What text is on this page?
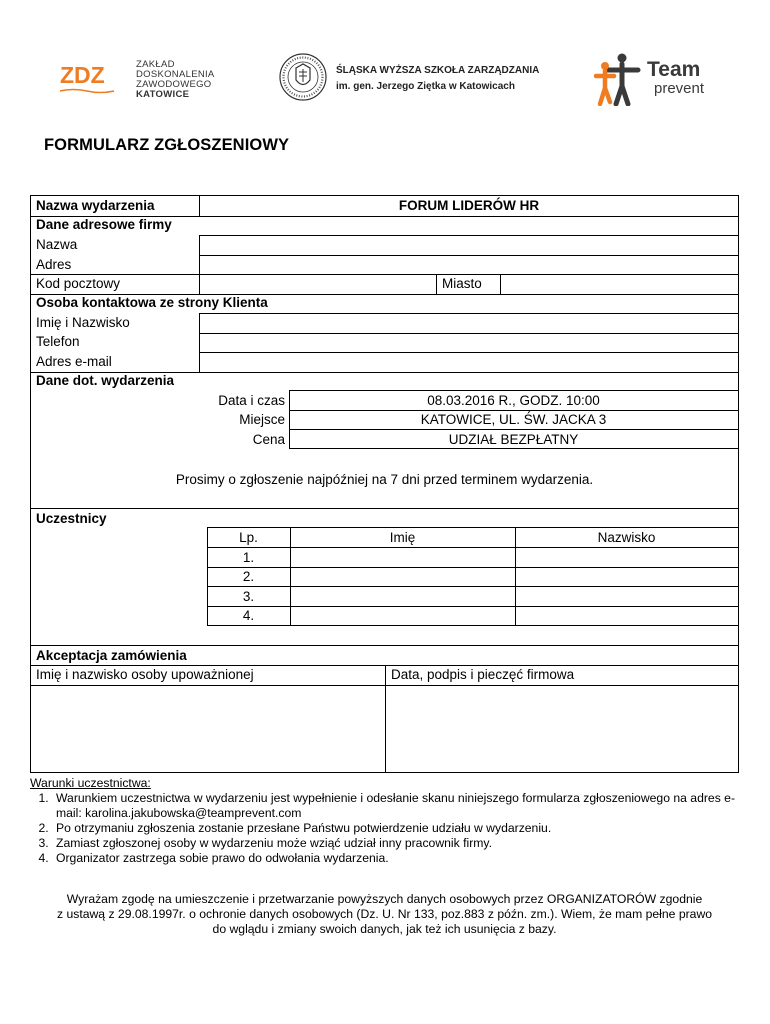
ZDZ	ZAKŁAD
DOSKONALENIA
ZAWODOWEGO
KATOWICE
ŚLĄSKA WYŻSZA SZKOŁA ZARZĄDZANIA
im. gen. Jerzego Ziętka w Katowicach
Team
prevent
FORMULARZ ZGŁOSZENIOWY
Nazwa wydarzenia	FORUM LIDERÓW HR
Dane adresowe firmy
Nazwa
Adres
Kod pocztowy	Miasto
Osoba kontaktowa ze strony Klienta
Imię i Nazwisko
Telefon
Adres e-mail
Dane dot. wydarzenia
Data i czas	08.03.2016 R., GODZ. 10:00
Miejsce	KATOWICE, UL. ŚW. JACKA 3
Cena	UDZIAŁ BEZPŁATNY
Prosimy o zgłoszenie najpóźniej na 7 dni przed terminem wydarzenia.
Uczestnicy
Lp.	Imię	Nazwisko
1.
2.
3.
4.
Akceptacja zamówienia
Imię i nazwisko osoby upoważnionej	Data, podpis i pieczęć firmowa
Warunki uczestnictwa:
1. Warunkiem uczestnictwa w wydarzeniu jest wypełnienie i odesłanie skanu niniejszego formularza zgłoszeniowego na adres e-mail: karolina.jakubowska@teamprevent.com
2. Po otrzymaniu zgłoszenia zostanie przesłane Państwu potwierdzenie udziału w wydarzeniu.
3. Zamiast zgłoszonej osoby w wydarzeniu może wziąć udział inny pracownik firmy.
4. Organizator zastrzega sobie prawo do odwołania wydarzenia.
Wyrażam zgodę na umieszczenie i przetwarzanie powyższych danych osobowych przez ORGANIZATORÓW zgodnie
z ustawą z 29.08.1997r. o ochronie danych osobowych (Dz. U. Nr 133, poz.883 z późn. zm.). Wiem, że mam pełne prawo
do wglądu i zmiany swoich danych, jak też ich usunięcia z bazy.
